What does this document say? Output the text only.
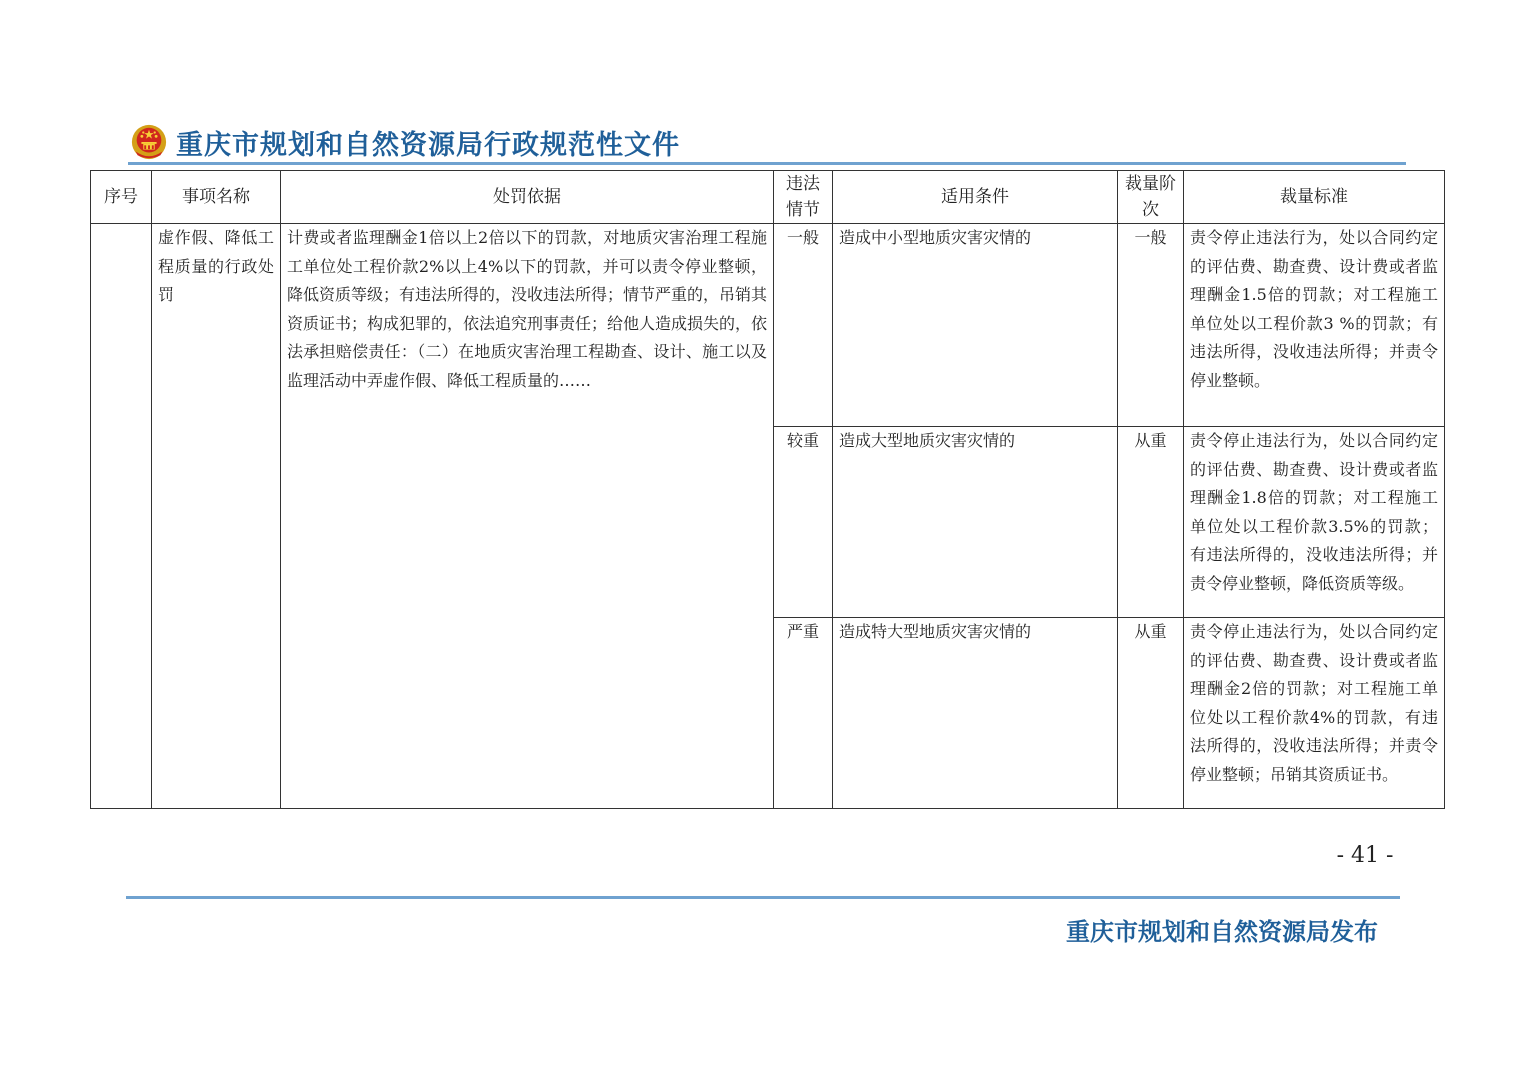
重庆市规划和自然资源局行政规范性文件
序号	事项名称	处罚依据	违法情节	适用条件	裁量阶次	裁量标准
	虚作假、降低工程质量的行政处罚	计费或者监理酬金1倍以上2倍以下的罚款，对地质灾害治理工程施工单位处工程价款2%以上4%以下的罚款，并可以责令停业整顿，降低资质等级；有违法所得的，没收违法所得；情节严重的，吊销其资质证书；构成犯罪的，依法追究刑事责任；给他人造成损失的，依法承担赔偿责任：（二）在地质灾害治理工程勘查、设计、施工以及监理活动中弄虚作假、降低工程质量的……	一般	造成中小型地质灾害灾情的	一般	责令停止违法行为，处以合同约定的评估费、勘查费、设计费或者监理酬金1.5倍的罚款；对工程施工单位处以工程价款3 %的罚款；有违法所得，没收违法所得；并责令停业整顿。
			较重	造成大型地质灾害灾情的	从重	责令停止违法行为，处以合同约定的评估费、勘查费、设计费或者监理酬金1.8倍的罚款；对工程施工单位处以工程价款3.5%的罚款；有违法所得的，没收违法所得；并责令停业整顿，降低资质等级。
			严重	造成特大型地质灾害灾情的	从重	责令停止违法行为，处以合同约定的评估费、勘查费、设计费或者监理酬金2倍的罚款；对工程施工单位处以工程价款4%的罚款，有违法所得的，没收违法所得；并责令停业整顿；吊销其资质证书。
- 41 -
重庆市规划和自然资源局发布
